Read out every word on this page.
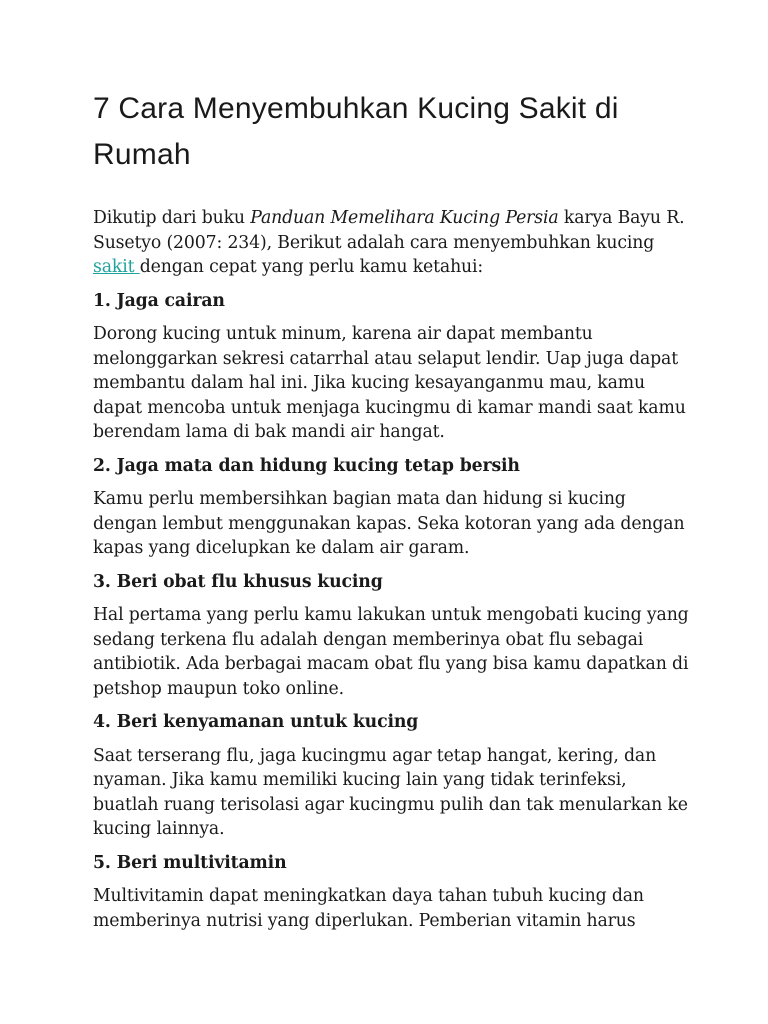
7 Cara Menyembuhkan Kucing Sakit di Rumah

Dikutip dari buku Panduan Memelihara Kucing Persia karya Bayu R. Susetyo (2007: 234), Berikut adalah cara menyembuhkan kucing sakit dengan cepat yang perlu kamu ketahui:

1. Jaga cairan

Dorong kucing untuk minum, karena air dapat membantu melonggarkan sekresi catarrhal atau selaput lendir. Uap juga dapat membantu dalam hal ini. Jika kucing kesayanganmu mau, kamu dapat mencoba untuk menjaga kucingmu di kamar mandi saat kamu berendam lama di bak mandi air hangat.

2. Jaga mata dan hidung kucing tetap bersih

Kamu perlu membersihkan bagian mata dan hidung si kucing dengan lembut menggunakan kapas. Seka kotoran yang ada dengan kapas yang dicelupkan ke dalam air garam.

3. Beri obat flu khusus kucing

Hal pertama yang perlu kamu lakukan untuk mengobati kucing yang sedang terkena flu adalah dengan memberinya obat flu sebagai antibiotik. Ada berbagai macam obat flu yang bisa kamu dapatkan di petshop maupun toko online.

4. Beri kenyamanan untuk kucing

Saat terserang flu, jaga kucingmu agar tetap hangat, kering, dan nyaman. Jika kamu memiliki kucing lain yang tidak terinfeksi, buatlah ruang terisolasi agar kucingmu pulih dan tak menularkan ke kucing lainnya.

5. Beri multivitamin

Multivitamin dapat meningkatkan daya tahan tubuh kucing dan memberinya nutrisi yang diperlukan. Pemberian vitamin harus
